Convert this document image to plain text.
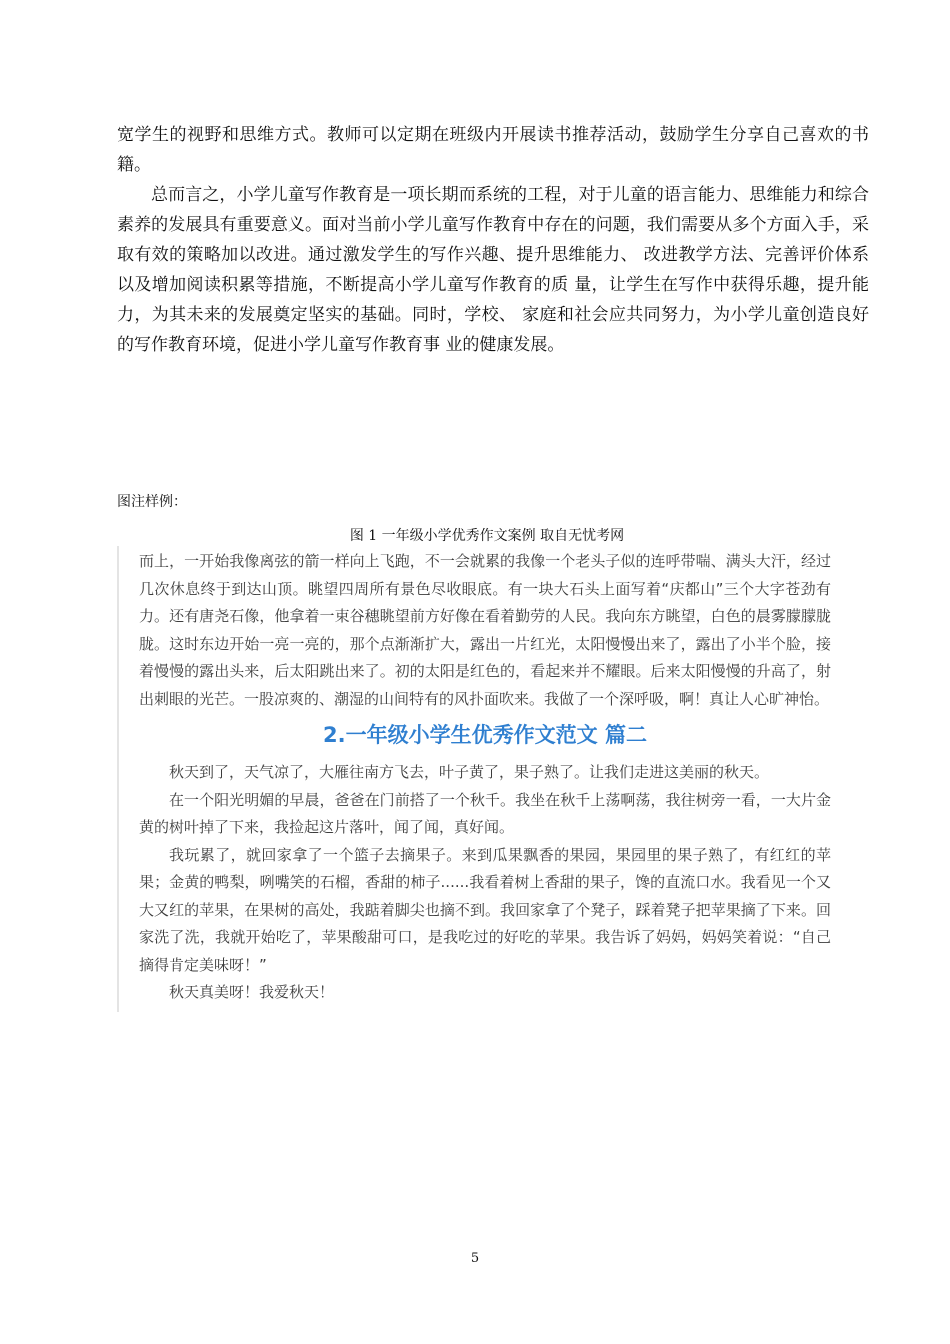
宽学生的视野和思维方式。教师可以定期在班级内开展读书推荐活动，鼓励学生分享自己喜欢的书籍。

总而言之，小学儿童写作教育是一项长期而系统的工程，对于儿童的语言能力、思维能力和综合素养的发展具有重要意义。面对当前小学儿童写作教育中存在的问题，我们需要从多个方面入手，采取有效的策略加以改进。通过激发学生的写作兴趣、提升思维能力、 改进教学方法、完善评价体系以及增加阅读积累等措施，不断提高小学儿童写作教育的质 量，让学生在写作中获得乐趣，提升能力，为其未来的发展奠定坚实的基础。同时，学校、 家庭和社会应共同努力，为小学儿童创造良好的写作教育环境，促进小学儿童写作教育事 业的健康发展。

图注样例：
图 1 一年级小学优秀作文案例 取自无忧考网

而上，一开始我像离弦的箭一样向上飞跑，不一会就累的我像一个老头子似的连呼带喘、满头大汗，经过几次休息终于到达山顶。眺望四周所有景色尽收眼底。有一块大石头上面写着“庆都山”三个大字苍劲有力。还有唐尧石像，他拿着一束谷穗眺望前方好像在看着勤劳的人民。我向东方眺望，白色的晨雾朦朦胧胧。这时东边开始一亮一亮的，那个点渐渐扩大，露出一片红光，太阳慢慢出来了，露出了小半个脸，接着慢慢的露出头来，后太阳跳出来了。初的太阳是红色的，看起来并不耀眼。后来太阳慢慢的升高了，射出刺眼的光芒。一股凉爽的、潮湿的山间特有的风扑面吹来。我做了一个深呼吸，啊！真让人心旷神怡。

2.一年级小学生优秀作文范文 篇二

秋天到了，天气凉了，大雁往南方飞去，叶子黄了，果子熟了。让我们走进这美丽的秋天。

在一个阳光明媚的早晨，爸爸在门前搭了一个秋千。我坐在秋千上荡啊荡，我往树旁一看，一大片金黄的树叶掉了下来，我捡起这片落叶，闻了闻，真好闻。

我玩累了，就回家拿了一个篮子去摘果子。来到瓜果飘香的果园，果园里的果子熟了，有红红的苹果；金黄的鸭梨，咧嘴笑的石榴，香甜的柿子......我看着树上香甜的果子，馋的直流口水。我看见一个又大又红的苹果，在果树的高处，我踮着脚尖也摘不到。我回家拿了个凳子，踩着凳子把苹果摘了下来。回家洗了洗，我就开始吃了，苹果酸甜可口，是我吃过的好吃的苹果。我告诉了妈妈，妈妈笑着说：“自己摘得肯定美味呀！”

秋天真美呀！我爱秋天！

5
